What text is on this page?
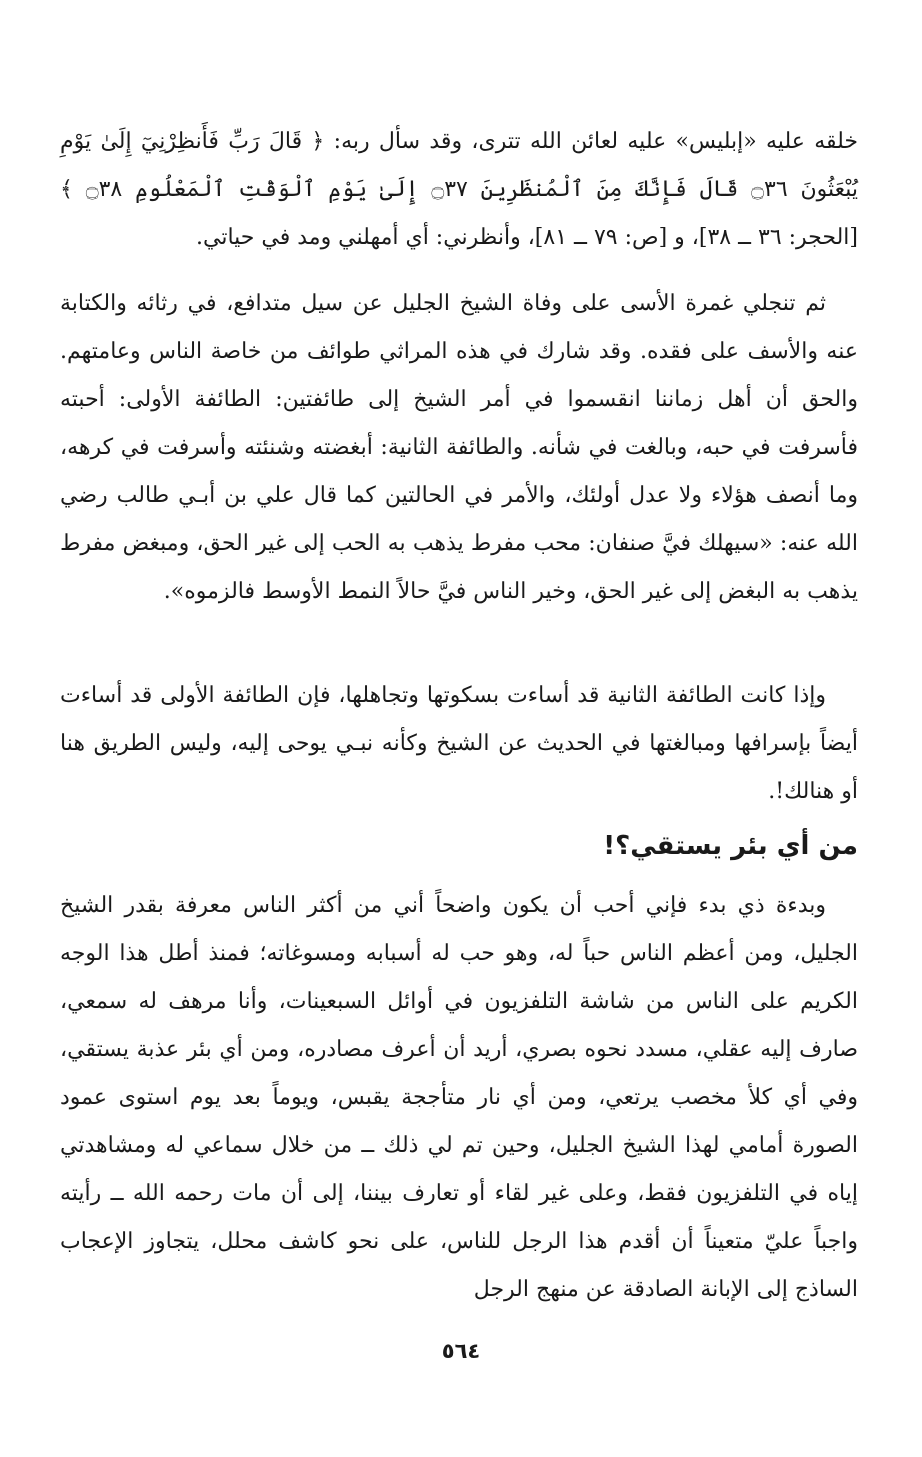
خلقه عليه «إبليس» عليه لعائن الله تترى، وقد سأل ربه: ﴿ قَالَ رَبِّ فَأَنظِرْنِيٓ إِلَىٰ يَوْمِ يُبْعَثُونَ ۝٣٦ قَالَ فَإِنَّكَ مِنَ ٱلْمُنظَرِينَ ۝٣٧ إِلَىٰ يَوْمِ ٱلْوَقْتِ ٱلْمَعْلُومِ ۝٣٨ ﴾ [الحجر: ٣٦ ــ ٣٨]، و [ص: ٧٩ ــ ٨١]، وأنظرني: أي أمهلني ومد في حياتي.

ثم تنجلي غمرة الأسى على وفاة الشيخ الجليل عن سيل متدافع، في رثائه والكتابة عنه والأسف على فقده. وقد شارك في هذه المراثي طوائف من خاصة الناس وعامتهم. والحق أن أهل زماننا انقسموا في أمر الشيخ إلى طائفتين: الطائفة الأولى: أحبته فأسرفت في حبه، وبالغت في شأنه. والطائفة الثانية: أبغضته وشنئته وأسرفت في كرهه، وما أنصف هؤلاء ولا عدل أولئك، والأمر في الحالتين كما قال علي بن أبـي طالب رضي الله عنه: «سيهلك فيَّ صنفان: محب مفرط يذهب به الحب إلى غير الحق، ومبغض مفرط يذهب به البغض إلى غير الحق، وخير الناس فيَّ حالاً النمط الأوسط فالزموه».

وإذا كانت الطائفة الثانية قد أساءت بسكوتها وتجاهلها، فإن الطائفة الأولى قد أساءت أيضاً بإسرافها ومبالغتها في الحديث عن الشيخ وكأنه نبـي يوحى إليه، وليس الطريق هنا أو هنالك!.

من أي بئر يستقي؟!

وبدءة ذي بدء فإني أحب أن يكون واضحاً أني من أكثر الناس معرفة بقدر الشيخ الجليل، ومن أعظم الناس حباً له، وهو حب له أسبابه ومسوغاته؛ فمنذ أطل هذا الوجه الكريم على الناس من شاشة التلفزيون في أوائل السبعينات، وأنا مرهف له سمعي، صارف إليه عقلي، مسدد نحوه بصري، أريد أن أعرف مصادره، ومن أي بئر عذبة يستقي، وفي أي كلأ مخصب يرتعي، ومن أي نار متأججة يقبس، ويوماً بعد يوم استوى عمود الصورة أمامي لهذا الشيخ الجليل، وحين تم لي ذلك ــ من خلال سماعي له ومشاهدتي إياه في التلفزيون فقط، وعلى غير لقاء أو تعارف بيننا، إلى أن مات رحمه الله ــ رأيته واجباً عليّ متعيناً أن أقدم هذا الرجل للناس، على نحو كاشف محلل، يتجاوز الإعجاب الساذج إلى الإبانة الصادقة عن منهج الرجل

٥٦٤
